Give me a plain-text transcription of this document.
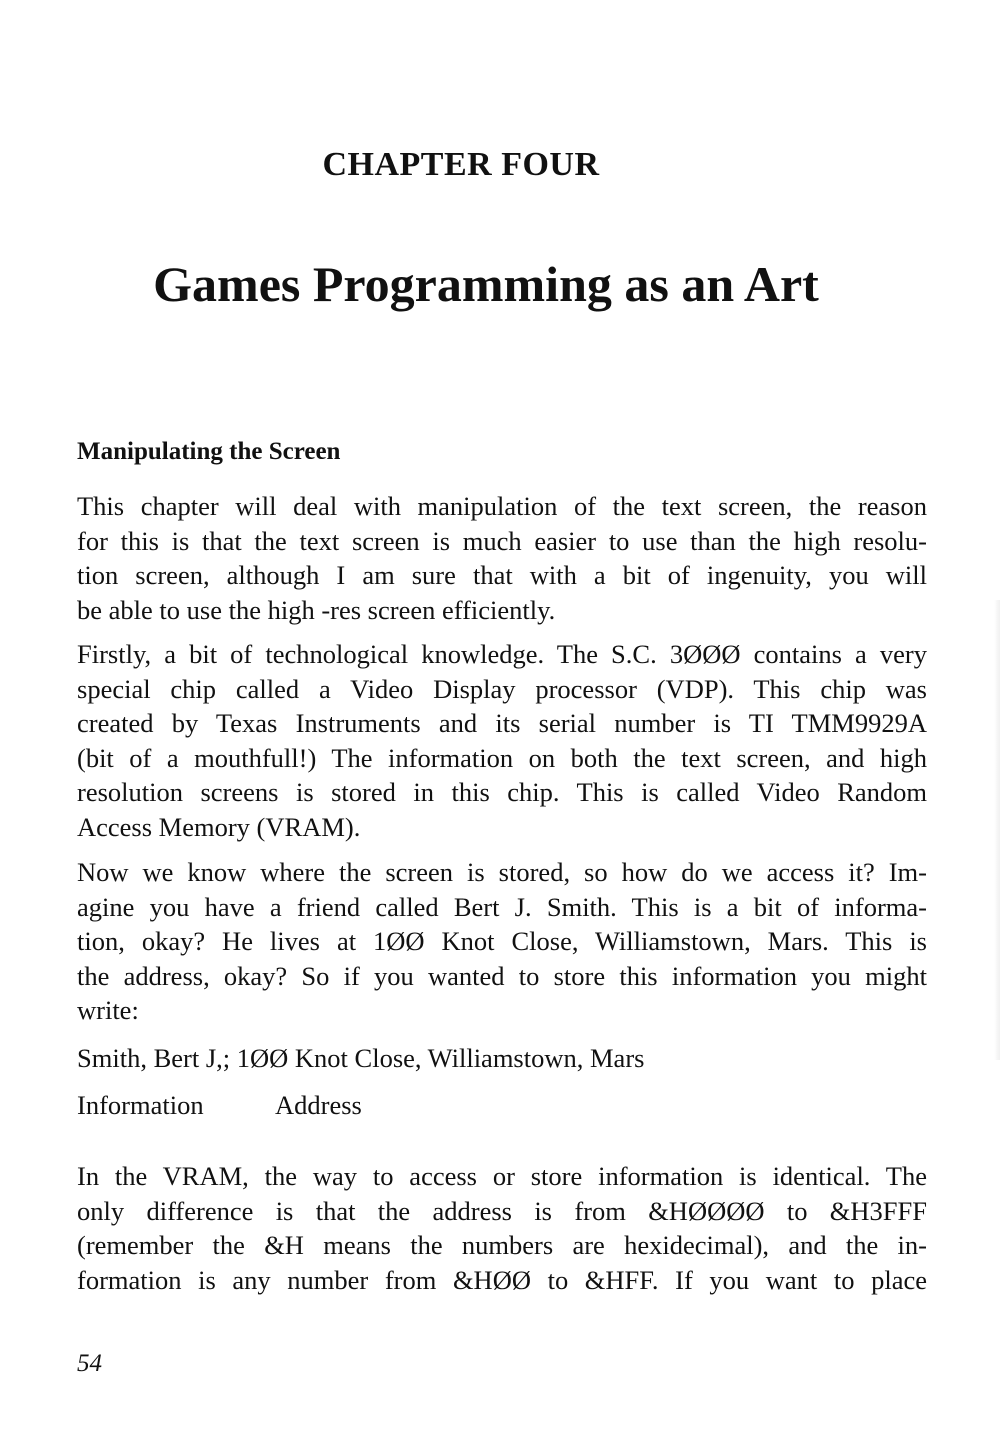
CHAPTER FOUR
Games Programming as an Art
Manipulating the Screen

This chapter will deal with manipulation of the text screen, the reason
for this is that the text screen is much easier to use than the high resolu-
tion screen, although I am sure that with a bit of ingenuity, you will
be able to use the high -res screen efficiently.

Firstly, a bit of technological knowledge. The S.C. 3ØØØ contains a very
special chip called a Video Display processor (VDP). This chip was
created by Texas Instruments and its serial number is TI TMM9929A
(bit of a mouthfull!) The information on both the text screen, and high
resolution screens is stored in this chip. This is called Video Random
Access Memory (VRAM).

Now we know where the screen is stored, so how do we access it? Im-
agine you have a friend called Bert J. Smith. This is a bit of informa-
tion, okay? He lives at 1ØØ Knot Close, Williamstown, Mars. This is
the address, okay? So if you wanted to store this information you might
write:

Smith, Bert J,; 1ØØ Knot Close, Williamstown, Mars

Information	Address

In the VRAM, the way to access or store information is identical. The
only difference is that the address is from &HØØØØ to &H3FFF
(remember the &H means the numbers are hexidecimal), and the in-
formation is any number from &HØØ to &HFF. If you want to place

54
